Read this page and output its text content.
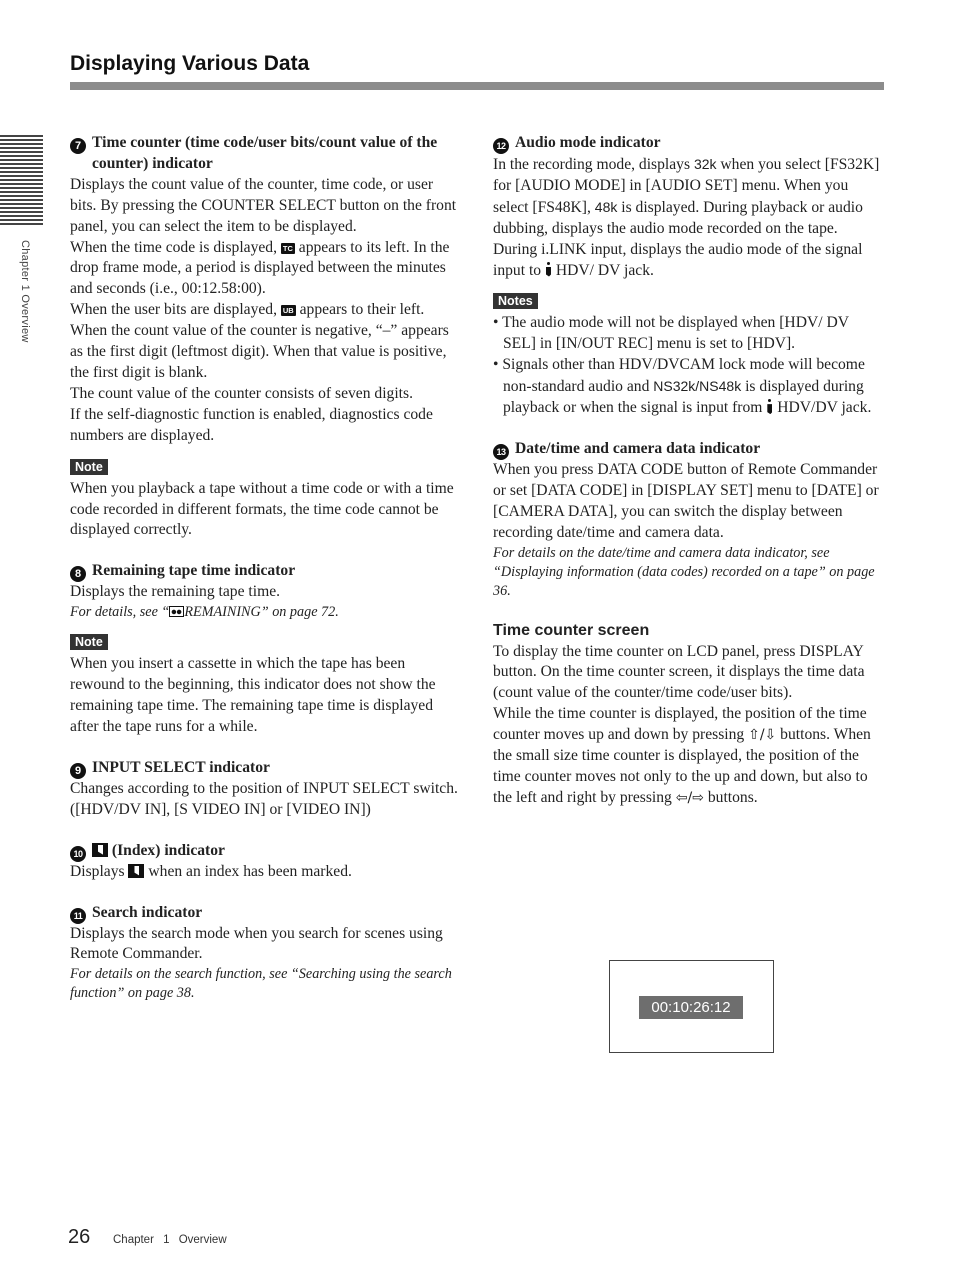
Displaying Various Data
Chapter 1 Overview
7 Time counter (time code/user bits/count value of the counter) indicator

Displays the count value of the counter, time code, or user bits. By pressing the COUNTER SELECT button on the front panel, you can select the item to be displayed.

When the time code is displayed, TC appears to its left. In the drop frame mode, a period is displayed between the minutes and seconds (i.e., 00:12.58:00).

When the user bits are displayed, UB appears to their left.

When the count value of the counter is negative, “–” appears as the first digit (leftmost digit). When that value is positive, the first digit is blank.

The count value of the counter consists of seven digits.

If the self-diagnostic function is enabled, diagnostics code numbers are displayed.

Note

When you playback a tape without a time code or with a time code recorded in different formats, the time code cannot be displayed correctly.

8 Remaining tape time indicator

Displays the remaining tape time.

For details, see “ REMAINING” on page 72.

Note

When you insert a cassette in which the tape has been rewound to the beginning, this indicator does not show the remaining tape time. The remaining tape time is displayed after the tape runs for a while.

9 INPUT SELECT indicator

Changes according to the position of INPUT SELECT switch. ([HDV/DV IN], [S VIDEO IN] or [VIDEO IN])

10	(Index) indicator

Displays  when an index has been marked.

11 Search indicator

Displays the search mode when you search for scenes using Remote Commander.

For details on the search function, see “Searching using the search function” on page 38.

12 Audio mode indicator

In the recording mode, displays 32k when you select [FS32K] for [AUDIO MODE] in [AUDIO SET] menu. When you select [FS48K], 48k is displayed. During playback or audio dubbing, displays the audio mode recorded on the tape. During i.LINK input, displays the audio mode of the signal input to  HDV/ DV jack.

Notes
• The audio mode will not be displayed when [HDV/ DV SEL] in [IN/OUT REC] menu is set to [HDV].
• Signals other than HDV/DVCAM lock mode will become non-standard audio and NS32k/NS48k is displayed during playback or when the signal is input from  HDV/DV jack.
13 Date/time and camera data indicator

When you press DATA CODE button of Remote Commander or set [DATA CODE] in [DISPLAY SET] menu to [DATE] or [CAMERA DATA], you can switch the display between recording date/time and camera data.

For details on the date/time and camera data indicator, see “Displaying information (data codes) recorded on a tape” on page 36.

Time counter screen

To display the time counter on LCD panel, press DISPLAY button. On the time counter screen, it displays the time data (count value of the counter/time code/user bits).

While the time counter is displayed, the position of the time counter moves up and down by pressing ⇧/⇩ buttons. When the small size time counter is displayed, the position of the time counter moves not only to the up and down, but also to the left and right by pressing ⇦/⇨ buttons.

00:10:26:12
26 Chapter 1 Overview
